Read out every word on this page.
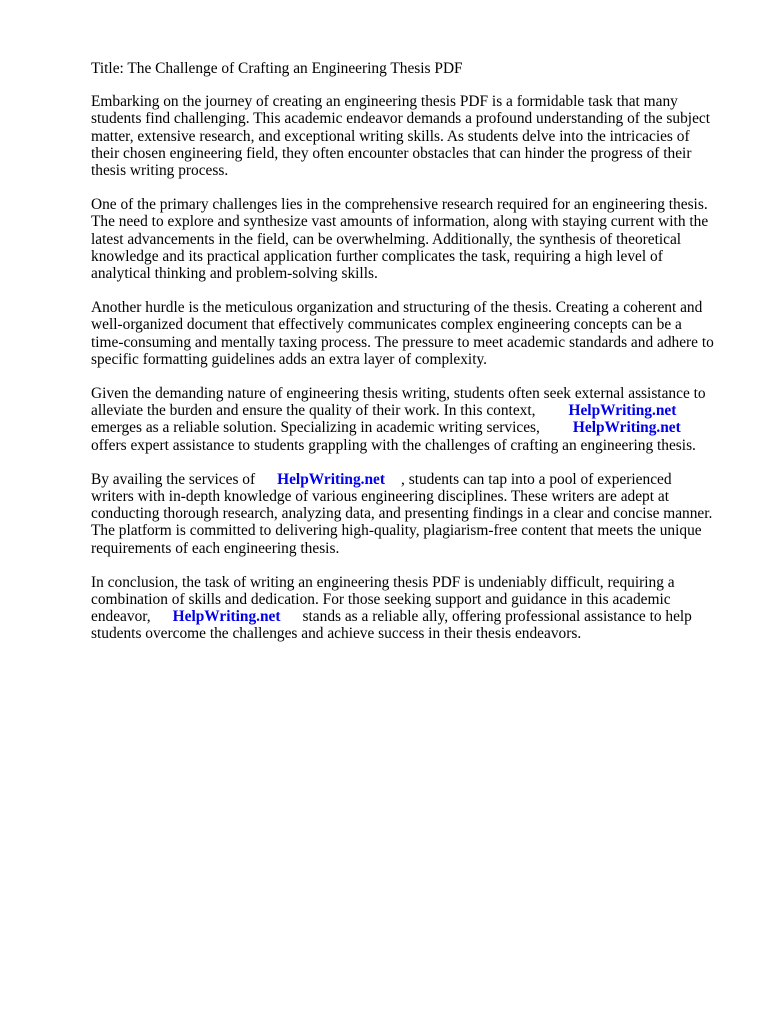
Title: The Challenge of Crafting an Engineering Thesis PDF
Embarking on the journey of creating an engineering thesis PDF is a formidable task that many
students find challenging. This academic endeavor demands a profound understanding of the subject
matter, extensive research, and exceptional writing skills. As students delve into the intricacies of
their chosen engineering field, they often encounter obstacles that can hinder the progress of their
thesis writing process.
One of the primary challenges lies in the comprehensive research required for an engineering thesis.
The need to explore and synthesize vast amounts of information, along with staying current with the
latest advancements in the field, can be overwhelming. Additionally, the synthesis of theoretical
knowledge and its practical application further complicates the task, requiring a high level of
analytical thinking and problem-solving skills.
Another hurdle is the meticulous organization and structuring of the thesis. Creating a coherent and
well-organized document that effectively communicates complex engineering concepts can be a
time-consuming and mentally taxing process. The pressure to meet academic standards and adhere to
specific formatting guidelines adds an extra layer of complexity.
Given the demanding nature of engineering thesis writing, students often seek external assistance to
alleviate the burden and ensure the quality of their work. In this context, HelpWriting.net
emerges as a reliable solution. Specializing in academic writing services, HelpWriting.net
offers expert assistance to students grappling with the challenges of crafting an engineering thesis.
By availing the services of HelpWriting.net , students can tap into a pool of experienced
writers with in-depth knowledge of various engineering disciplines. These writers are adept at
conducting thorough research, analyzing data, and presenting findings in a clear and concise manner.
The platform is committed to delivering high-quality, plagiarism-free content that meets the unique
requirements of each engineering thesis.
In conclusion, the task of writing an engineering thesis PDF is undeniably difficult, requiring a
combination of skills and dedication. For those seeking support and guidance in this academic
endeavor, HelpWriting.net stands as a reliable ally, offering professional assistance to help
students overcome the challenges and achieve success in their thesis endeavors.
